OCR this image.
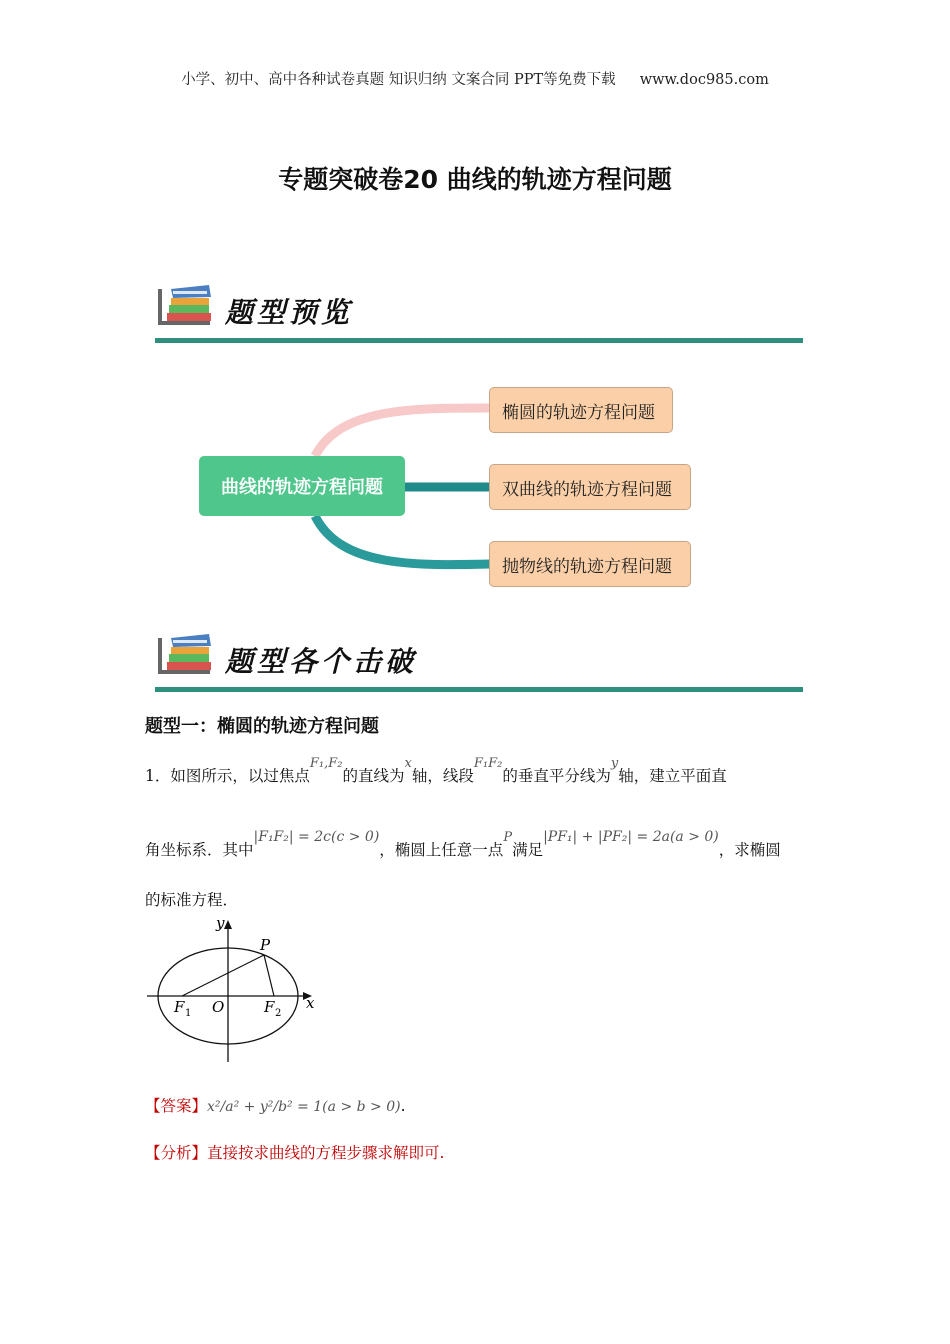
小学、初中、高中各种试卷真题 知识归纳 文案合同 PPT等免费下载 www.doc985.com
专题突破卷20 曲线的轨迹方程问题
题型预览
曲线的轨迹方程问题
椭圆的轨迹方程问题
双曲线的轨迹方程问题
抛物线的轨迹方程问题
题型各个击破
题型一：椭圆的轨迹方程问题
1．如图所示，以过焦点$^{F_1,F_2}$的直线为$^x$轴，线段$^{F_1F_2}$的垂直平分线为$^y$轴，建立平面直
角坐标系．其中|F₁F₂| = 2c(c > 0)，椭圆上任意一点$^P$满足|PF₁| + |PF₂| = 2a(a > 0)，求椭圆
的标准方程．
y
x
P
F 1 O	F 2
【答案】x²/a² + y²/b² = 1(a > b > 0).
【分析】直接按求曲线的方程步骤求解即可.
